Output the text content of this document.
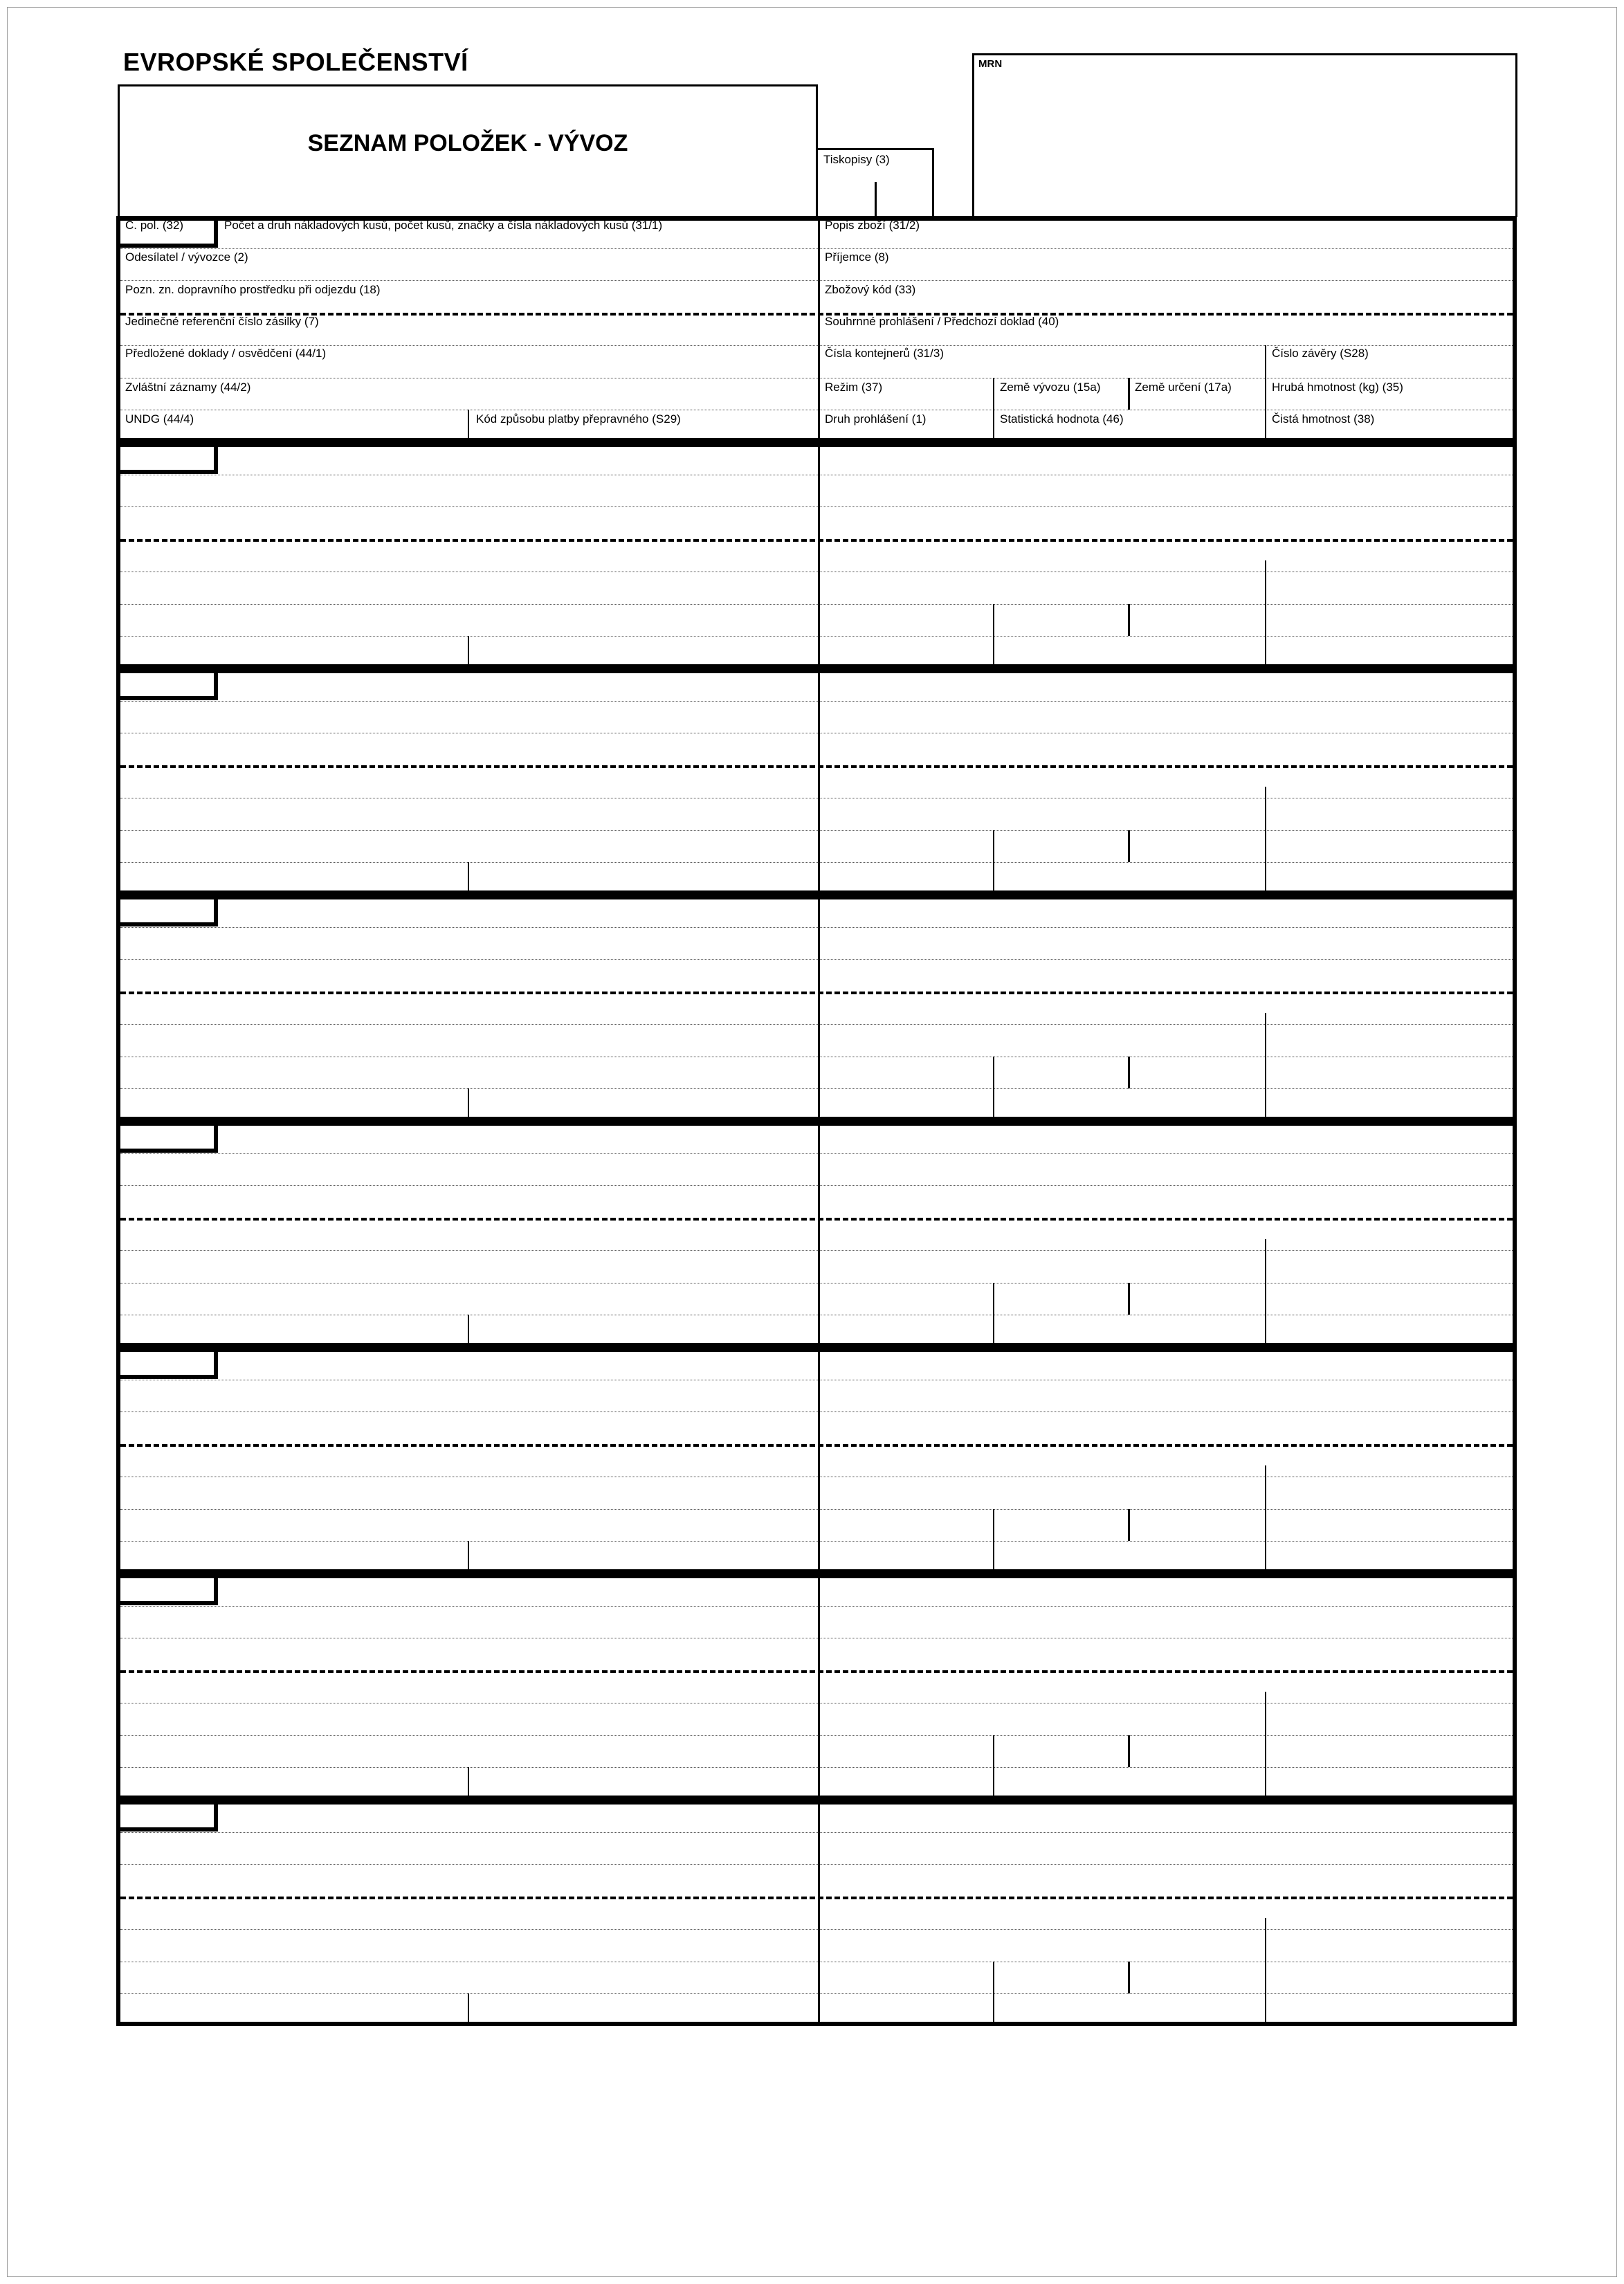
EVROPSKÉ SPOLEČENSTVÍ
SEZNAM POLOŽEK - VÝVOZ
Tiskopisy (3)
MRN
C. pol. (32)	Počet a druh nákladových kusů, počet kusů, značky a čísla nákladových kusů (31/1)	Popis zboží (31/2)
Odesílatel / vývozce (2)	Příjemce (8)
Pozn. zn. dopravního prostředku při odjezdu (18)	Zbožový kód (33)
Jedinečné referenční číslo zásilky (7)	Souhrnné prohlášení / Předchozí doklad (40)
Předložené doklady / osvědčení (44/1)	Čísla kontejnerů (31/3)	Číslo závěry (S28)
Zvláštní záznamy (44/2)	Režim (37)	Země vývozu (15a)	Země určení (17a)	Hrubá hmotnost (kg) (35)
UNDG (44/4)	Kód způsobu platby přepravného (S29)	Druh prohlášení (1)	Statistická hodnota (46)	Čistá hmotnost (38)
